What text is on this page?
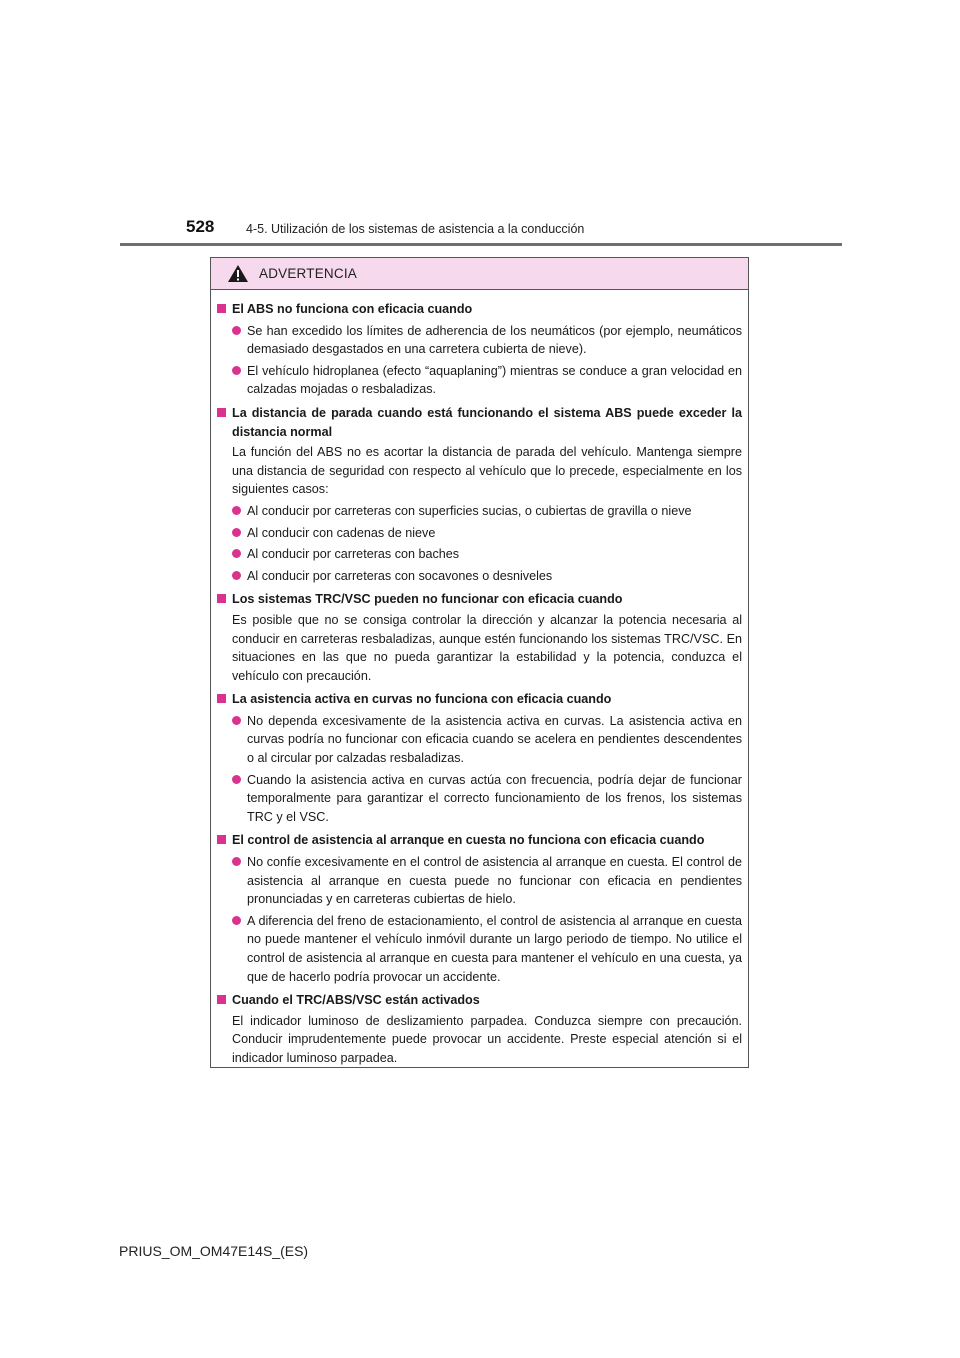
528	4-5. Utilización de los sistemas de asistencia a la conducción
ADVERTENCIA
El ABS no funciona con eficacia cuando
Se han excedido los límites de adherencia de los neumáticos (por ejemplo, neumáticos demasiado desgastados en una carretera cubierta de nieve).
El vehículo hidroplanea (efecto “aquaplaning”) mientras se conduce a gran velocidad en calzadas mojadas o resbaladizas.
La distancia de parada cuando está funcionando el sistema ABS puede exceder la distancia normal
La función del ABS no es acortar la distancia de parada del vehículo. Mantenga siempre una distancia de seguridad con respecto al vehículo que lo precede, especialmente en los siguientes casos:
Al conducir por carreteras con superficies sucias, o cubiertas de gravilla o nieve
Al conducir con cadenas de nieve
Al conducir por carreteras con baches
Al conducir por carreteras con socavones o desniveles
Los sistemas TRC/VSC pueden no funcionar con eficacia cuando
Es posible que no se consiga controlar la dirección y alcanzar la potencia necesaria al conducir en carreteras resbaladizas, aunque estén funcionando los sistemas TRC/VSC. En situaciones en las que no pueda garantizar la estabilidad y la potencia, conduzca el vehículo con precaución.
La asistencia activa en curvas no funciona con eficacia cuando
No dependa excesivamente de la asistencia activa en curvas. La asistencia activa en curvas podría no funcionar con eficacia cuando se acelera en pendientes descendentes o al circular por calzadas resbaladizas.
Cuando la asistencia activa en curvas actúa con frecuencia, podría dejar de funcionar temporalmente para garantizar el correcto funcionamiento de los frenos, los sistemas TRC y el VSC.
El control de asistencia al arranque en cuesta no funciona con eficacia cuando
No confíe excesivamente en el control de asistencia al arranque en cuesta. El control de asistencia al arranque en cuesta puede no funcionar con eficacia en pendientes pronunciadas y en carreteras cubiertas de hielo.
A diferencia del freno de estacionamiento, el control de asistencia al arranque en cuesta no puede mantener el vehículo inmóvil durante un largo periodo de tiempo. No utilice el control de asistencia al arranque en cuesta para mantener el vehículo en una cuesta, ya que de hacerlo podría provocar un accidente.
Cuando el TRC/ABS/VSC están activados
El indicador luminoso de deslizamiento parpadea. Conduzca siempre con precaución. Conducir imprudentemente puede provocar un accidente. Preste especial atención si el indicador luminoso parpadea.
PRIUS_OM_OM47E14S_(ES)
